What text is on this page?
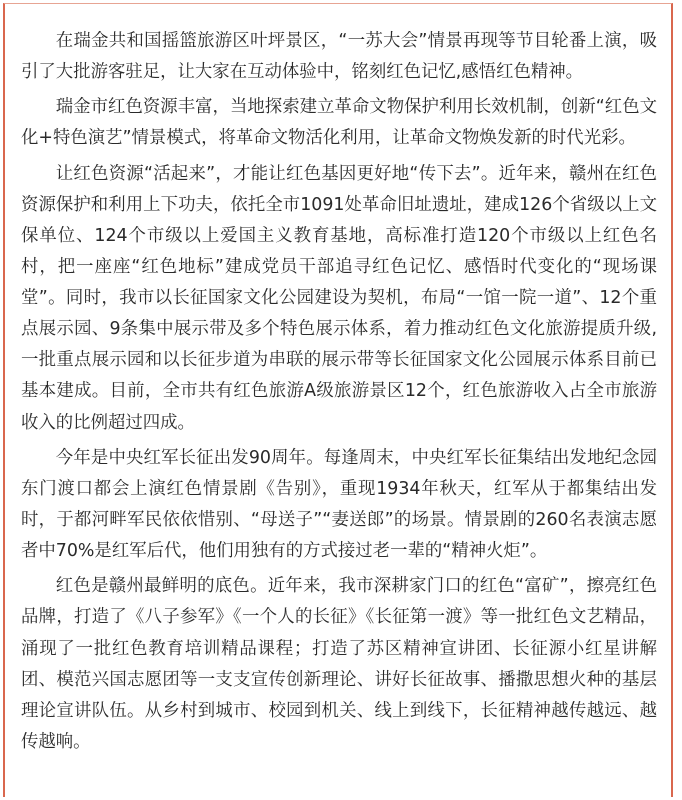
在瑞金共和国摇篮旅游区叶坪景区，“一苏大会”情景再现等节目轮番上演，吸引了大批游客驻足，让大家在互动体验中，铭刻红色记忆,感悟红色精神。

瑞金市红色资源丰富，当地探索建立革命文物保护利用长效机制，创新“红色文化+特色演艺”情景模式，将革命文物活化利用，让革命文物焕发新的时代光彩。

让红色资源“活起来”，才能让红色基因更好地“传下去”。近年来，赣州在红色资源保护和利用上下功夫，依托全市1091处革命旧址遗址，建成126个省级以上文保单位、124个市级以上爱国主义教育基地，高标准打造120个市级以上红色名村，把一座座“红色地标”建成党员干部追寻红色记忆、感悟时代变化的“现场课堂”。同时，我市以长征国家文化公园建设为契机，布局“一馆一院一道”、12个重点展示园、9条集中展示带及多个特色展示体系，着力推动红色文化旅游提质升级,一批重点展示园和以长征步道为串联的展示带等长征国家文化公园展示体系目前已基本建成。目前，全市共有红色旅游A级旅游景区12个，红色旅游收入占全市旅游收入的比例超过四成。

今年是中央红军长征出发90周年。每逢周末，中央红军长征集结出发地纪念园东门渡口都会上演红色情景剧《告别》，重现1934年秋天，红军从于都集结出发时，于都河畔军民依依惜别、“母送子”“妻送郎”的场景。情景剧的260名表演志愿者中70%是红军后代，他们用独有的方式接过老一辈的“精神火炬”。

红色是赣州最鲜明的底色。近年来，我市深耕家门口的红色“富矿”，擦亮红色品牌，打造了《八子参军》《一个人的长征》《长征第一渡》等一批红色文艺精品，涌现了一批红色教育培训精品课程；打造了苏区精神宣讲团、长征源小红星讲解团、模范兴国志愿团等一支支宣传创新理论、讲好长征故事、播撒思想火种的基层理论宣讲队伍。从乡村到城市、校园到机关、线上到线下，长征精神越传越远、越传越响。
